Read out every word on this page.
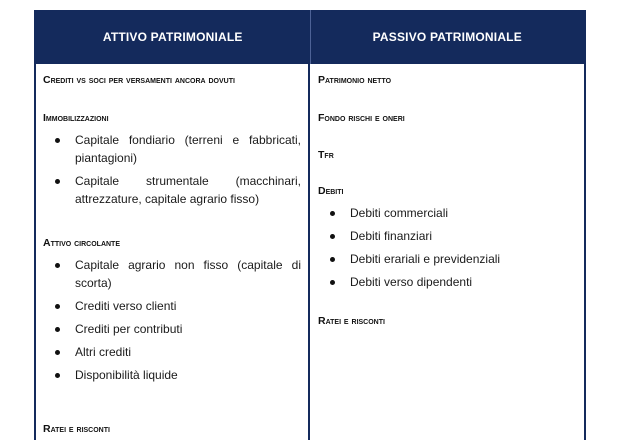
ATTIVO PATRIMONIALE	PASSIVO PATRIMONIALE

Crediti vs soci per versamenti ancora dovuti

Immobilizzazioni

Capitale fondiario (terreni e fabbricati, piantagioni)
Capitale strumentale (macchinari, attrezzature, capitale agrario fisso)

Attivo circolante

Capitale agrario non fisso (capitale di scorta)
Crediti verso clienti
Crediti per contributi
Altri crediti
Disponibilità liquide

Ratei e risconti

Patrimonio netto

Fondo rischi e oneri

Tfr

Debiti

Debiti commerciali
Debiti finanziari
Debiti erariali e previdenziali
Debiti verso dipendenti

Ratei e risconti
